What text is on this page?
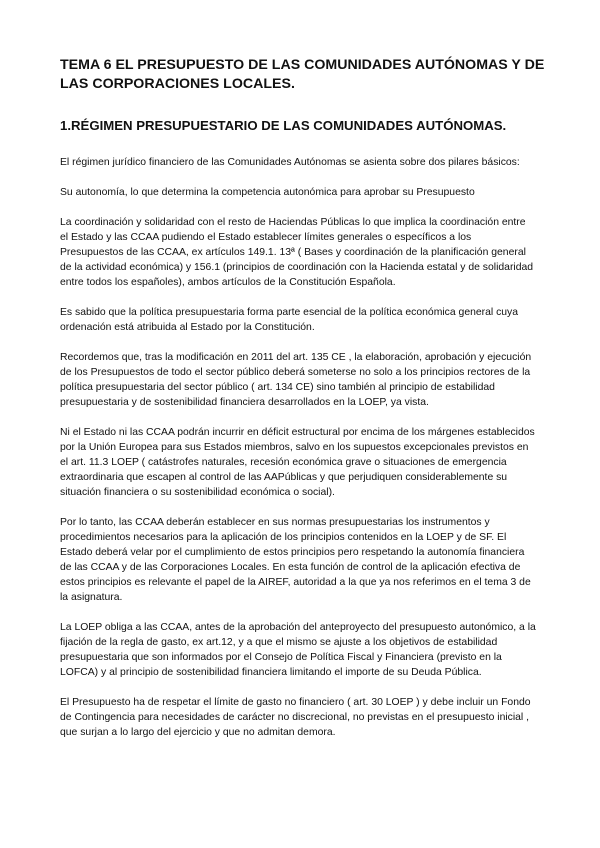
TEMA 6 EL PRESUPUESTO DE LAS COMUNIDADES AUTÓNOMAS Y DE LAS CORPORACIONES LOCALES.
1.RÉGIMEN PRESUPUESTARIO DE LAS COMUNIDADES AUTÓNOMAS.

El régimen jurídico financiero de las Comunidades Autónomas se asienta sobre dos pilares básicos:

Su autonomía, lo que determina la competencia autonómica para aprobar su Presupuesto

La coordinación y solidaridad con el resto de Haciendas Públicas lo que implica la coordinación entre el Estado y las CCAA pudiendo el Estado establecer límites generales o específicos a los Presupuestos de las CCAA, ex artículos 149.1. 13ª ( Bases y coordinación de la planificación general de la actividad económica) y 156.1 (principios de coordinación con la Hacienda estatal y de solidaridad entre todos los españoles), ambos artículos de la Constitución Española.

Es sabido que la política presupuestaria forma parte esencial de la política económica general cuya ordenación está atribuida al Estado por la Constitución.

Recordemos que, tras la modificación en 2011 del art. 135 CE , la elaboración, aprobación y ejecución de los Presupuestos de todo el sector público deberá someterse no solo a los principios rectores de la política presupuestaria del sector público ( art. 134 CE) sino también al principio de estabilidad presupuestaria y de sostenibilidad financiera desarrollados en la LOEP, ya vista.

Ni el Estado ni las CCAA podrán incurrir en déficit estructural por encima de los márgenes establecidos por la Unión Europea para sus Estados miembros, salvo en los supuestos excepcionales previstos en el art. 11.3 LOEP ( catástrofes naturales, recesión económica grave o situaciones de emergencia extraordinaria que escapen al control de las AAPúblicas y que perjudiquen considerablemente su situación financiera o su sostenibilidad económica o social).

Por lo tanto, las CCAA deberán establecer en sus normas presupuestarias los instrumentos y procedimientos necesarios para la aplicación de los principios contenidos en la LOEP y de SF. El Estado deberá velar por el cumplimiento de estos principios pero respetando la autonomía financiera de las CCAA y de las Corporaciones Locales. En esta función de control de la aplicación efectiva de estos principios es relevante el papel de la AIREF, autoridad a la que ya nos referimos en el tema 3 de la asignatura.

La LOEP obliga a las CCAA, antes de la aprobación del anteproyecto del presupuesto autonómico, a la fijación de la regla de gasto, ex art.12, y a que el mismo se ajuste a los objetivos de estabilidad presupuestaria que son informados por el Consejo de Política Fiscal y Financiera (previsto en la LOFCA) y al principio de sostenibilidad financiera limitando el importe de su Deuda Pública.

El Presupuesto ha de respetar el límite de gasto no financiero ( art. 30 LOEP ) y debe incluir un Fondo de Contingencia para necesidades de carácter no discrecional, no previstas en el presupuesto inicial , que surjan a lo largo del ejercicio y que no admitan demora.
